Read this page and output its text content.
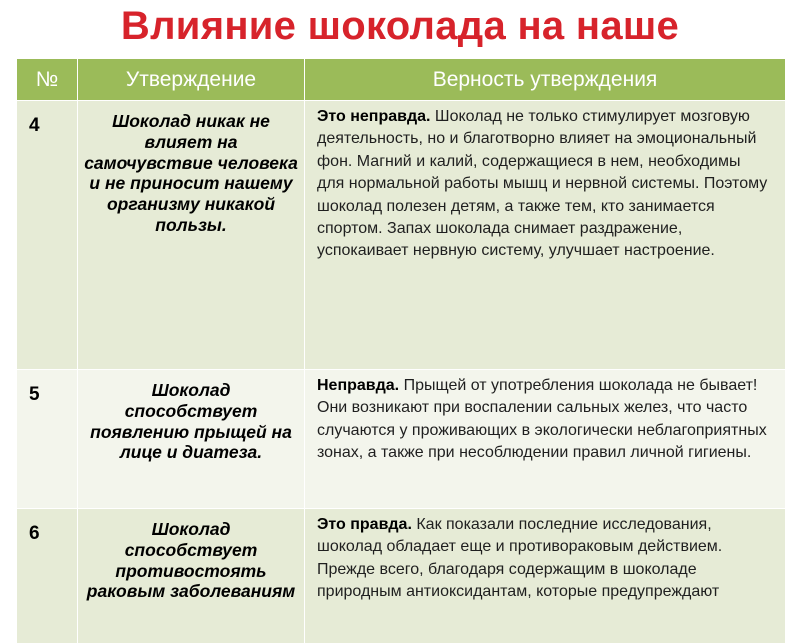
Влияние шоколада на наше
№	Утверждение	Верность утверждения
4	Шоколад никак не влияет на самочувствие человека и не приносит нашему организму никакой пользы.	Это неправда. Шоколад не только стимулирует мозговую деятельность, но и благотворно влияет на эмоциональный фон. Магний и калий, содержащиеся в нем, необходимы для нормальной работы мышц и нервной системы. Поэтому шоколад полезен детям, а также тем, кто занимается спортом. Запах шоколада снимает раздражение, успокаивает нервную систему, улучшает настроение.
5	Шоколад способствует появлению прыщей на лице и диатеза.	Неправда. Прыщей от употребления шоколада не бывает! Они возникают при воспалении сальных желез, что часто случаются у проживающих в экологически неблагоприятных зонах, а также при несоблюдении правил личной гигиены.
6	Шоколад способствует противостоять раковым заболеваниям	Это правда. Как показали последние исследования, шоколад обладает еще и противораковым действием. Прежде всего, благодаря содержащим в шоколаде природным антиоксидантам, которые предупреждают
